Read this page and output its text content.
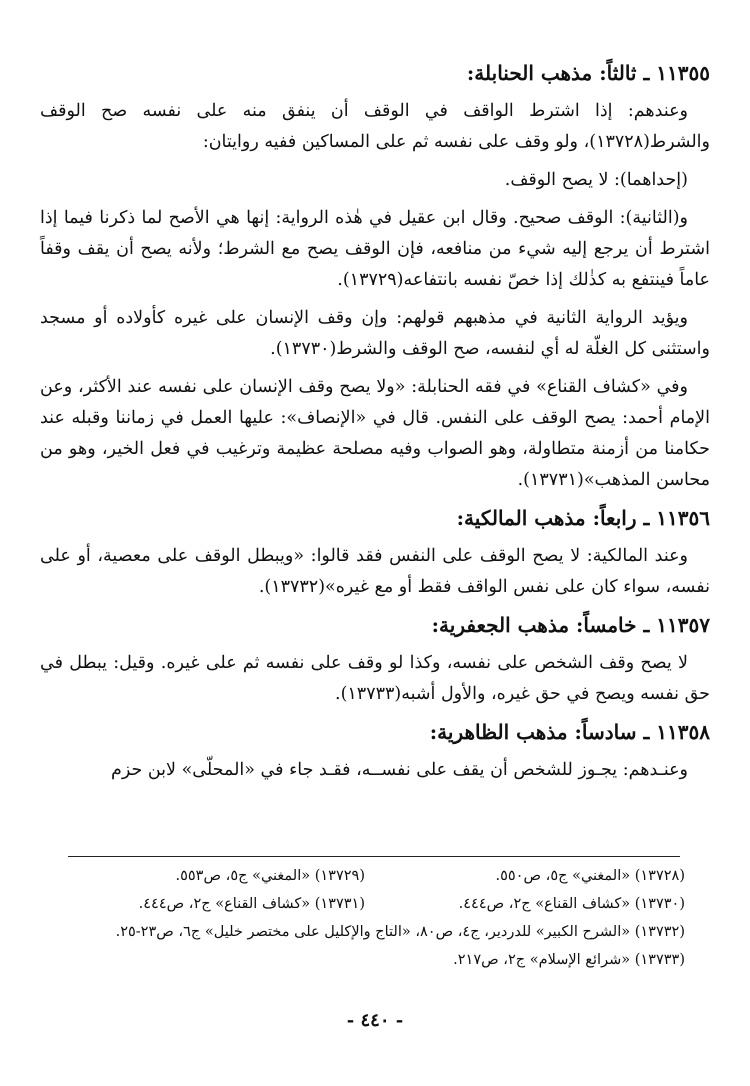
١١٣٥٥ ـ ثالثاً: مذهب الحنابلة:

وعندهم: إذا اشترط الواقف في الوقف أن ينفق منه على نفسه صح الوقف والشرط(١٣٧٢٨)، ولو وقف على نفسه ثم على المساكين ففيه روايتان:

(إحداهما): لا يصح الوقف.

و(الثانية): الوقف صحيح. وقال ابن عقيل في هٰذه الرواية: إنها هي الأصح لما ذكرنا فيما إذا اشترط أن يرجع إليه شيء من منافعه، فإن الوقف يصح مع الشرط؛ ولأنه يصح أن يقف وقفاً عاماً فينتفع به كذٰلك إذا خصّ نفسه بانتفاعه(١٣٧٢٩).

ويؤيد الرواية الثانية في مذهبهم قولهم: وإن وقف الإنسان على غيره كأولاده أو مسجد واستثنى كل الغلّة له أي لنفسه، صح الوقف والشرط(١٣٧٣٠).

وفي «كشاف القناع» في فقه الحنابلة: «ولا يصح وقف الإنسان على نفسه عند الأكثر، وعن الإمام أحمد: يصح الوقف على النفس. قال في «الإنصاف»: عليها العمل في زماننا وقبله عند حكامنا من أزمنة متطاولة، وهو الصواب وفيه مصلحة عظيمة وترغيب في فعل الخير، وهو من محاسن المذهب»(١٣٧٣١).

١١٣٥٦ ـ رابعاً: مذهب المالكية:

وعند المالكية: لا يصح الوقف على النفس فقد قالوا: «ويبطل الوقف على معصية، أو على نفسه، سواء كان على نفس الواقف فقط أو مع غيره»(١٣٧٣٢).

١١٣٥٧ ـ خامساً: مذهب الجعفرية:

لا يصح وقف الشخص على نفسه، وكذا لو وقف على نفسه ثم على غيره. وقيل: يبطل في حق نفسه ويصح في حق غيره، والأول أشبه(١٣٧٣٣).

١١٣٥٨ ـ سادساً: مذهب الظاهرية:

وعنـدهم: يجـوز للشخص أن يقف على نفســه، فقـد جاء في «المحلّى» لابن حزم

(١٣٧٢٨) «المغني» ج٥، ص٥٥٠.
(١٣٧٢٩) «المغني» ج٥، ص٥٥٣.
(١٣٧٣٠) «كشاف القناع» ج٢، ص٤٤٤.
(١٣٧٣١) «كشاف القناع» ج٢، ص٤٤٤.
(١٣٧٣٢) «الشرح الكبير» للدردير، ج٤، ص٨٠، «التاج والإكليل على مختصر خليل» ج٦، ص٢٣-٢٥.
(١٣٧٣٣) «شرائع الإسلام» ج٢، ص٢١٧.
- ٤٤٠ -
